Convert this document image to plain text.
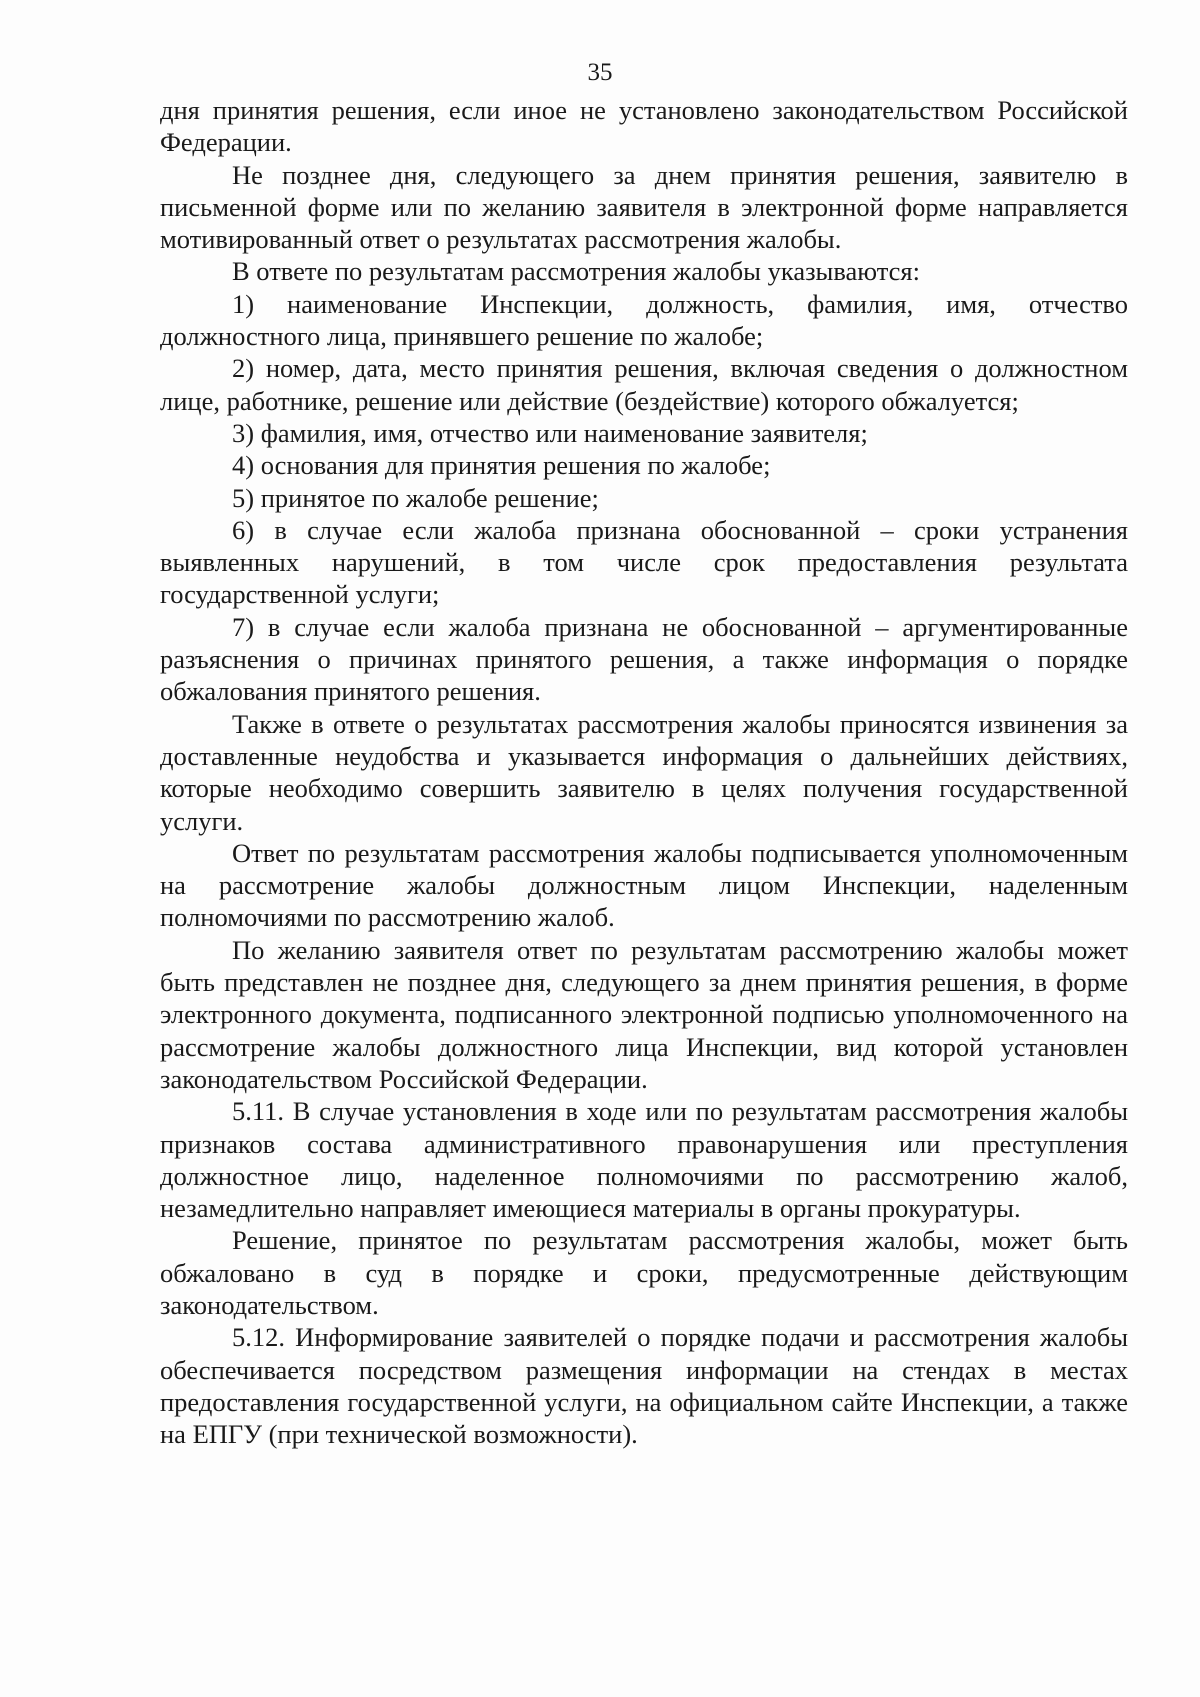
35

дня принятия решения, если иное не установлено законодательством Российской Федерации.

Не позднее дня, следующего за днем принятия решения, заявителю в письменной форме или по желанию заявителя в электронной форме направляется мотивированный ответ о результатах рассмотрения жалобы.

В ответе по результатам рассмотрения жалобы указываются:

1) наименование Инспекции, должность, фамилия, имя, отчество должностного лица, принявшего решение по жалобе;

2) номер, дата, место принятия решения, включая сведения о должностном лице, работнике, решение или действие (бездействие) которого обжалуется;

3) фамилия, имя, отчество или наименование заявителя;

4) основания для принятия решения по жалобе;

5) принятое по жалобе решение;

6) в случае если жалоба признана обоснованной – сроки устранения выявленных нарушений, в том числе срок предоставления результата государственной услуги;

7) в случае если жалоба признана не обоснованной – аргументированные разъяснения о причинах принятого решения, а также информация о порядке обжалования принятого решения.

Также в ответе о результатах рассмотрения жалобы приносятся извинения за доставленные неудобства и указывается информация о дальнейших действиях, которые необходимо совершить заявителю в целях получения государственной услуги.

Ответ по результатам рассмотрения жалобы подписывается уполномоченным на рассмотрение жалобы должностным лицом Инспекции, наделенным полномочиями по рассмотрению жалоб.

По желанию заявителя ответ по результатам рассмотрению жалобы может быть представлен не позднее дня, следующего за днем принятия решения, в форме электронного документа, подписанного электронной подписью уполномоченного на рассмотрение жалобы должностного лица Инспекции, вид которой установлен законодательством Российской Федерации.

5.11. В случае установления в ходе или по результатам рассмотрения жалобы признаков состава административного правонарушения или преступления должностное лицо, наделенное полномочиями по рассмотрению жалоб, незамедлительно направляет имеющиеся материалы в органы прокуратуры.

Решение, принятое по результатам рассмотрения жалобы, может быть обжаловано в суд в порядке и сроки, предусмотренные действующим законодательством.

5.12. Информирование заявителей о порядке подачи и рассмотрения жалобы обеспечивается посредством размещения информации на стендах в местах предоставления государственной услуги, на официальном сайте Инспекции, а также на ЕПГУ (при технической возможности).
